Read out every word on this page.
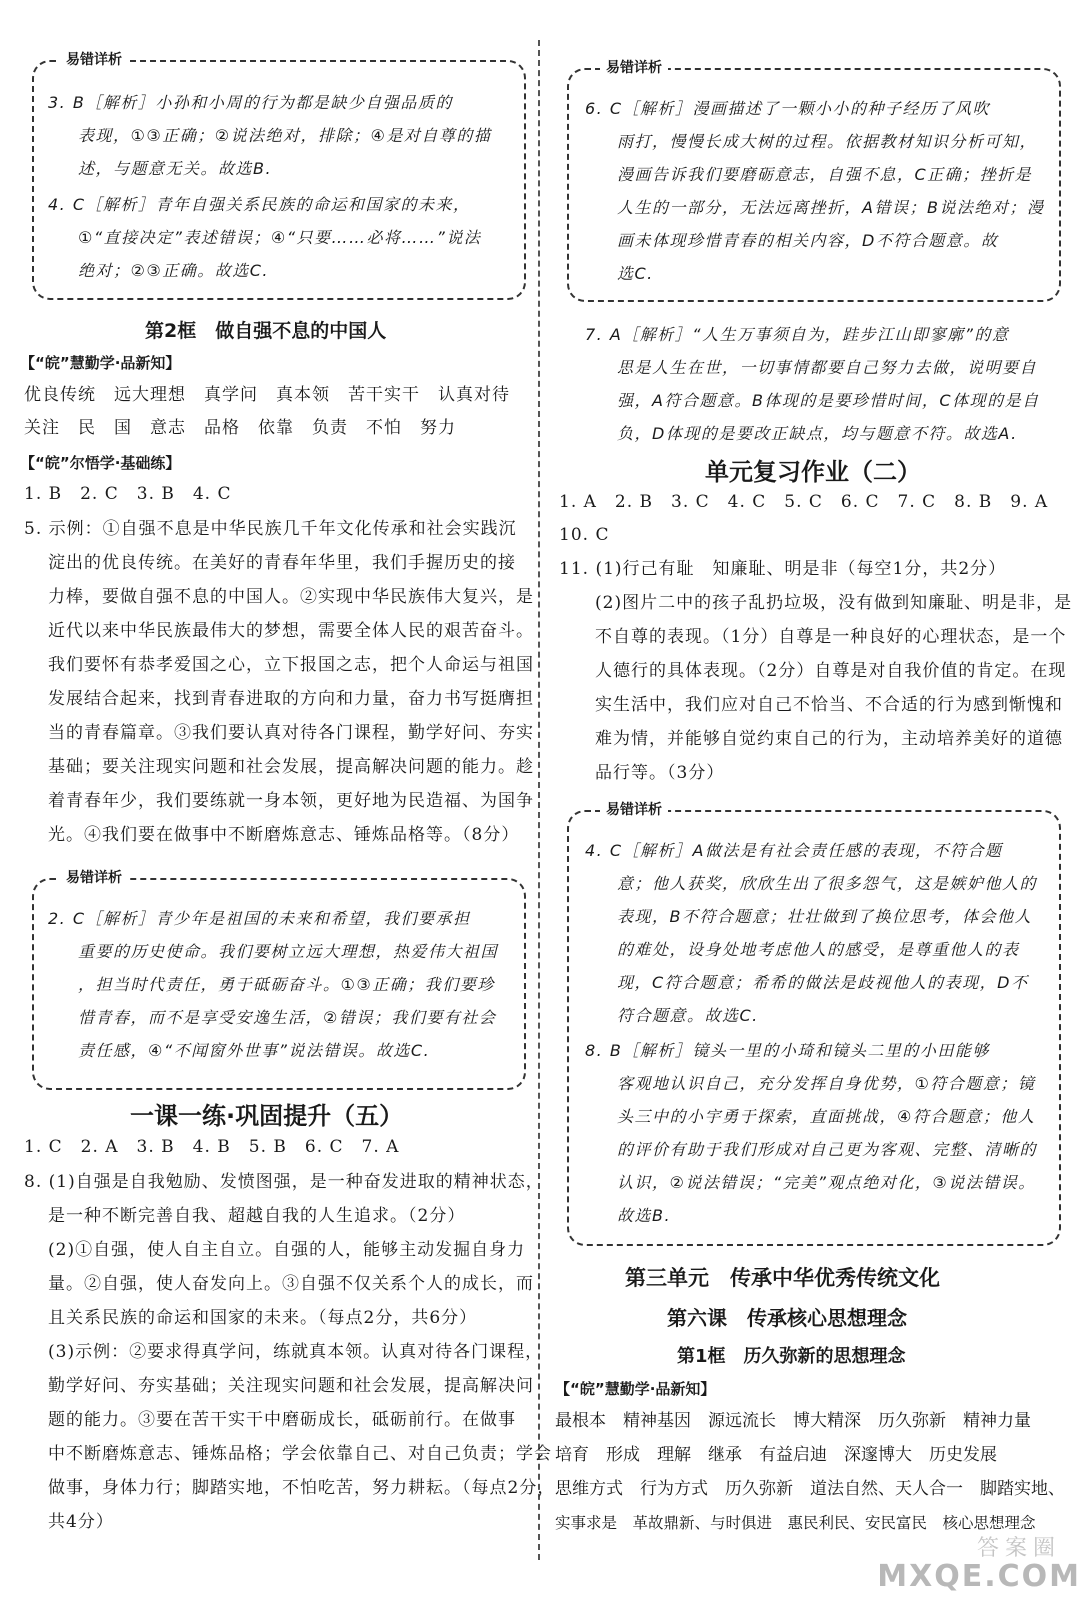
易错详析
3. B［解析］小孙和小周的行为都是缺少自强品质的
表现，①③正确；②说法绝对，排除；④是对自尊的描
述，与题意无关。故选B.
4. C［解析］青年自强关系民族的命运和国家的未来，
①“直接决定”表述错误；④“只要……必将……”说法
绝对；②③正确。故选C.
第2框　做自强不息的中国人
【“皖”慧勤学·品新知】
优良传统　远大理想　真学问　真本领　苦干实干　认真对待
关注　民　国　意志　品格　依靠　负责　不怕　努力
【“皖”尔悟学·基础练】
1. B　2. C　3. B　4. C
5. 示例：①自强不息是中华民族几千年文化传承和社会实践沉
淀出的优良传统。在美好的青春年华里，我们手握历史的接
力棒，要做自强不息的中国人。②实现中华民族伟大复兴，是
近代以来中华民族最伟大的梦想，需要全体人民的艰苦奋斗。
我们要怀有恭孝爱国之心，立下报国之志，把个人命运与祖国
发展结合起来，找到青春进取的方向和力量，奋力书写挺膺担
当的青春篇章。③我们要认真对待各门课程，勤学好问、夯实
基础；要关注现实问题和社会发展，提高解决问题的能力。趁
着青春年少，我们要练就一身本领，更好地为民造福、为国争
光。④我们要在做事中不断磨炼意志、锤炼品格等。（8分）
易错详析
2. C［解析］青少年是祖国的未来和希望，我们要承担
重要的历史使命。我们要树立远大理想，热爱伟大祖国
，担当时代责任，勇于砥砺奋斗。①③正确；我们要珍
惜青春，而不是享受安逸生活，②错误；我们要有社会
责任感，④“不闻窗外世事”说法错误。故选C.
一课一练·巩固提升（五）
1. C　2. A　3. B　4. B　5. B　6. C　7. A
8. (1)自强是自我勉励、发愤图强，是一种奋发进取的精神状态，
是一种不断完善自我、超越自我的人生追求。（2分）
(2)①自强，使人自主自立。自强的人，能够主动发掘自身力
量。②自强，使人奋发向上。③自强不仅关系个人的成长，而
且关系民族的命运和国家的未来。（每点2分，共6分）
(3)示例：②要求得真学问，练就真本领。认真对待各门课程，
勤学好问、夯实基础；关注现实问题和社会发展，提高解决问
题的能力。③要在苦干实干中磨砺成长，砥砺前行。在做事
中不断磨炼意志、锤炼品格；学会依靠自己、对自己负责；学会
做事，身体力行；脚踏实地，不怕吃苦，努力耕耘。（每点2分，
共4分）
易错详析
6. C［解析］漫画描述了一颗小小的种子经历了风吹
雨打，慢慢长成大树的过程。依据教材知识分析可知，
漫画告诉我们要磨砺意志，自强不息，C正确；挫折是
人生的一部分，无法远离挫折，A错误；B说法绝对；漫
画未体现珍惜青春的相关内容，D不符合题意。故
选C.
7. A［解析］“人生万事须自为，跬步江山即寥廓”的意
思是人生在世，一切事情都要自己努力去做，说明要自
强，A符合题意。B体现的是要珍惜时间，C体现的是自
负，D体现的是要改正缺点，均与题意不符。故选A.
单元复习作业（二）
1. A　2. B　3. C　4. C　5. C　6. C　7. C　8. B　9. A
10. C
11. (1)行己有耻　知廉耻、明是非（每空1分，共2分）
(2)图片二中的孩子乱扔垃圾，没有做到知廉耻、明是非，是
不自尊的表现。（1分）自尊是一种良好的心理状态，是一个
人德行的具体表现。（2分）自尊是对自我价值的肯定。在现
实生活中，我们应对自己不恰当、不合适的行为感到惭愧和
难为情，并能够自觉约束自己的行为，主动培养美好的道德
品行等。（3分）
易错详析
4. C［解析］A做法是有社会责任感的表现，不符合题
意；他人获奖，欣欣生出了很多怨气，这是嫉妒他人的
表现，B不符合题意；壮壮做到了换位思考，体会他人
的难处，设身处地考虑他人的感受，是尊重他人的表
现，C符合题意；希希的做法是歧视他人的表现，D不
符合题意。故选C.
8. B［解析］镜头一里的小琦和镜头二里的小田能够
客观地认识自己，充分发挥自身优势，①符合题意；镜
头三中的小宇勇于探索，直面挑战，④符合题意；他人
的评价有助于我们形成对自己更为客观、完整、清晰的
认识，②说法错误；“完美”观点绝对化，③说法错误。
故选B.
第三单元　传承中华优秀传统文化
第六课　传承核心思想理念
第1框　历久弥新的思想理念
【“皖”慧勤学·品新知】
最根本　精神基因　源远流长　博大精深　历久弥新　精神力量
培育　形成　理解　继承　有益启迪　深邃博大　历史发展
思维方式　行为方式　历久弥新　道法自然、天人合一　脚踏实地、
实事求是　革故鼎新、与时俱进　惠民利民、安民富民　核心思想理念
答案圈
MXQE.COM
